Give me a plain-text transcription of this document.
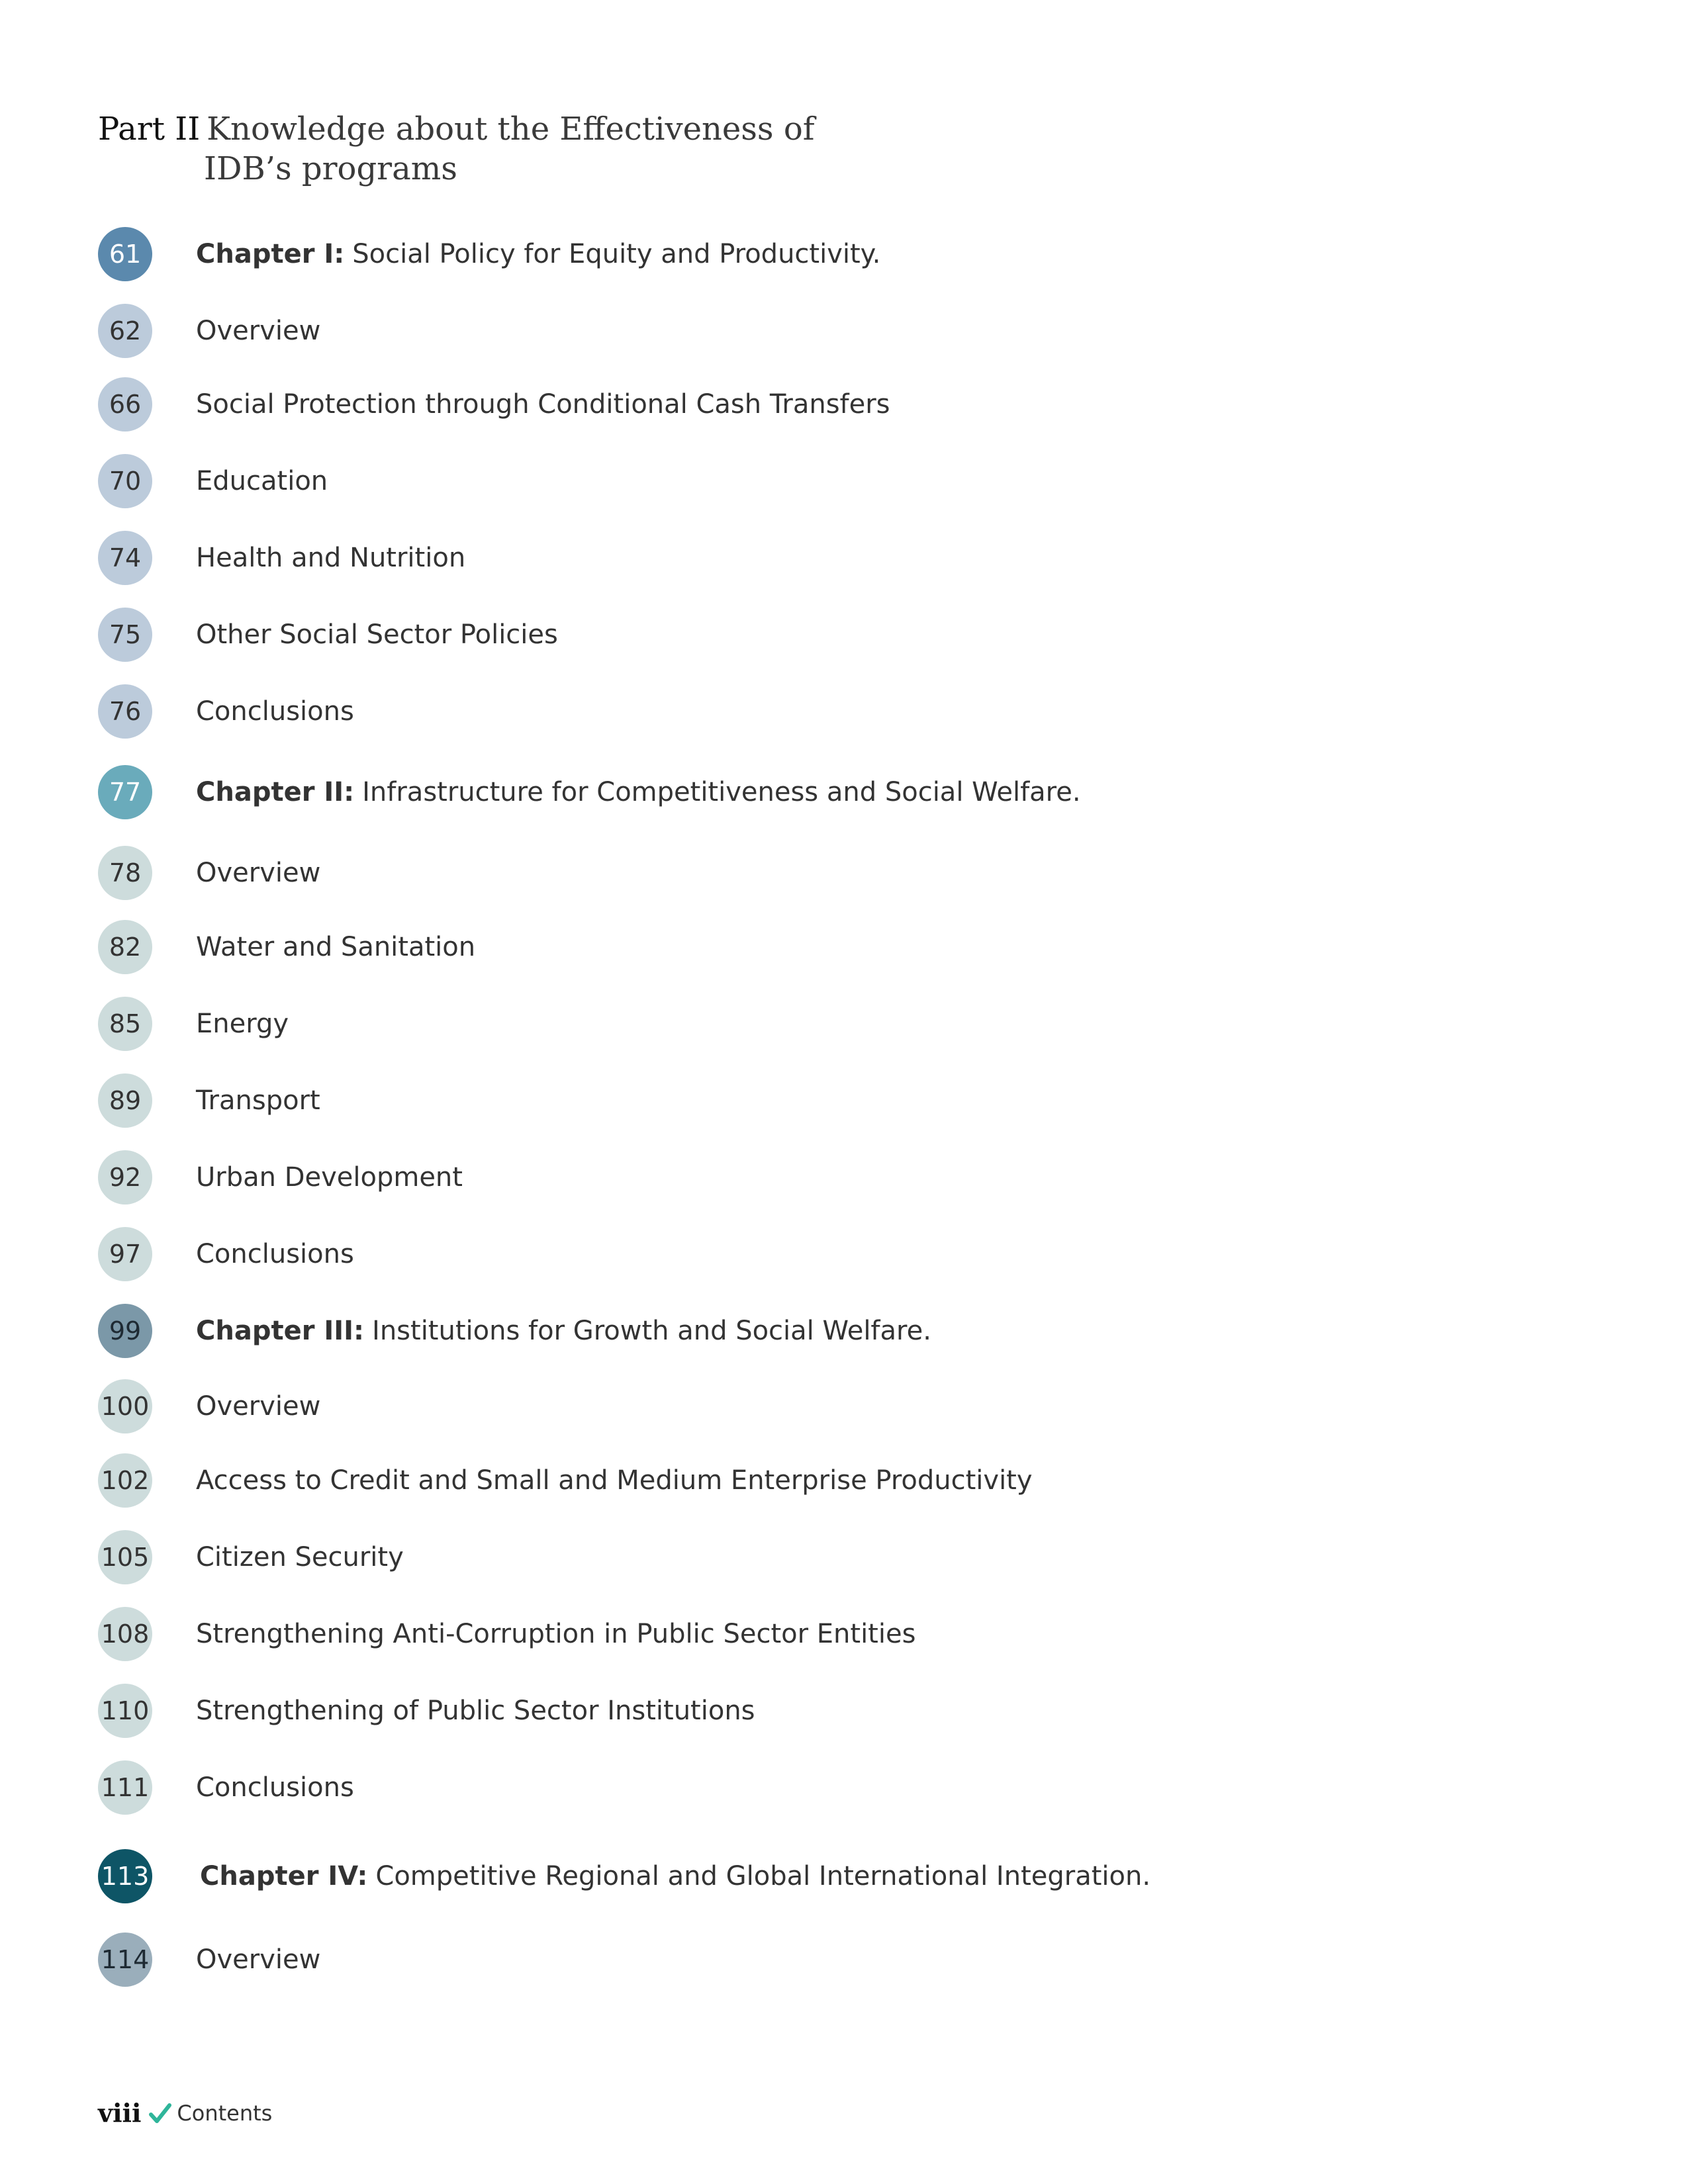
Part II Knowledge about the Effectiveness of
IDB’s programs
61	Chapter I: Social Policy for Equity and Productivity.
62	Overview
66	Social Protection through Conditional Cash Transfers
70	Education
74	Health and Nutrition
75	Other Social Sector Policies
76	Conclusions
77	Chapter II: Infrastructure for Competitiveness and Social Welfare.
78	Overview
82	Water and Sanitation
85	Energy
89	Transport
92	Urban Development
97	Conclusions
99	Chapter III: Institutions for Growth and Social Welfare.
100 Overview
102 Access to Credit and Small and Medium Enterprise Productivity
105 Citizen Security
108 Strengthening Anti-Corruption in Public Sector Entities
110 Strengthening of Public Sector Institutions
111 Conclusions
113 Chapter IV: Competitive Regional and Global International Integration.
114 Overview
viii Contents
